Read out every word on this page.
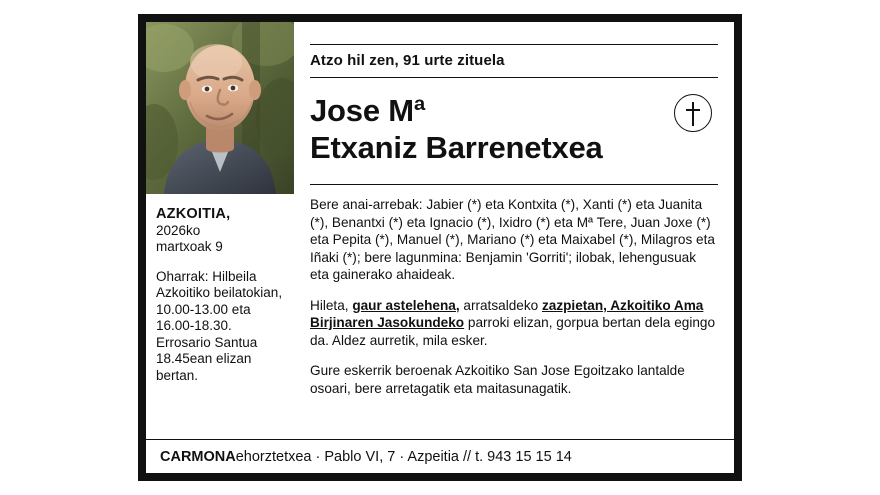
AZKOITIA,
2026ko
martxoak 9
Oharrak: Hilbeila Azkoitiko beilatokian, 10.00-13.00 eta 16.00-18.30. Errosario Santua 18.45ean elizan bertan.
Atzo hil zen, 91 urte zituela
Jose Mª
Etxaniz Barrenetxea

Bere anai-arrebak: Jabier (*) eta Kontxita (*), Xanti (*) eta Juanita (*), Benantxi (*) eta Ignacio (*), Ixidro (*) eta Mª Tere, Juan Joxe (*) eta Pepita (*), Manuel (*), Mariano (*) eta Maixabel (*), Milagros eta Iñaki (*); bere lagunmina: Benjamin 'Gorriti'; ilobak, lehengusuak eta gainerako ahaideak.

Hileta, gaur astelehena, arratsaldeko zazpietan, Azkoitiko Ama Birjinaren Jasokundeko parroki elizan, gorpua bertan dela egingo da. Aldez aurretik, mila esker.

Gure eskerrik beroenak Azkoitiko San Jose Egoitzako lantalde osoari, bere arretagatik eta maitasunagatik.

CARMONA ehorztetxea · Pablo VI, 7 · Azpeitia // t. 943 15 15 14
